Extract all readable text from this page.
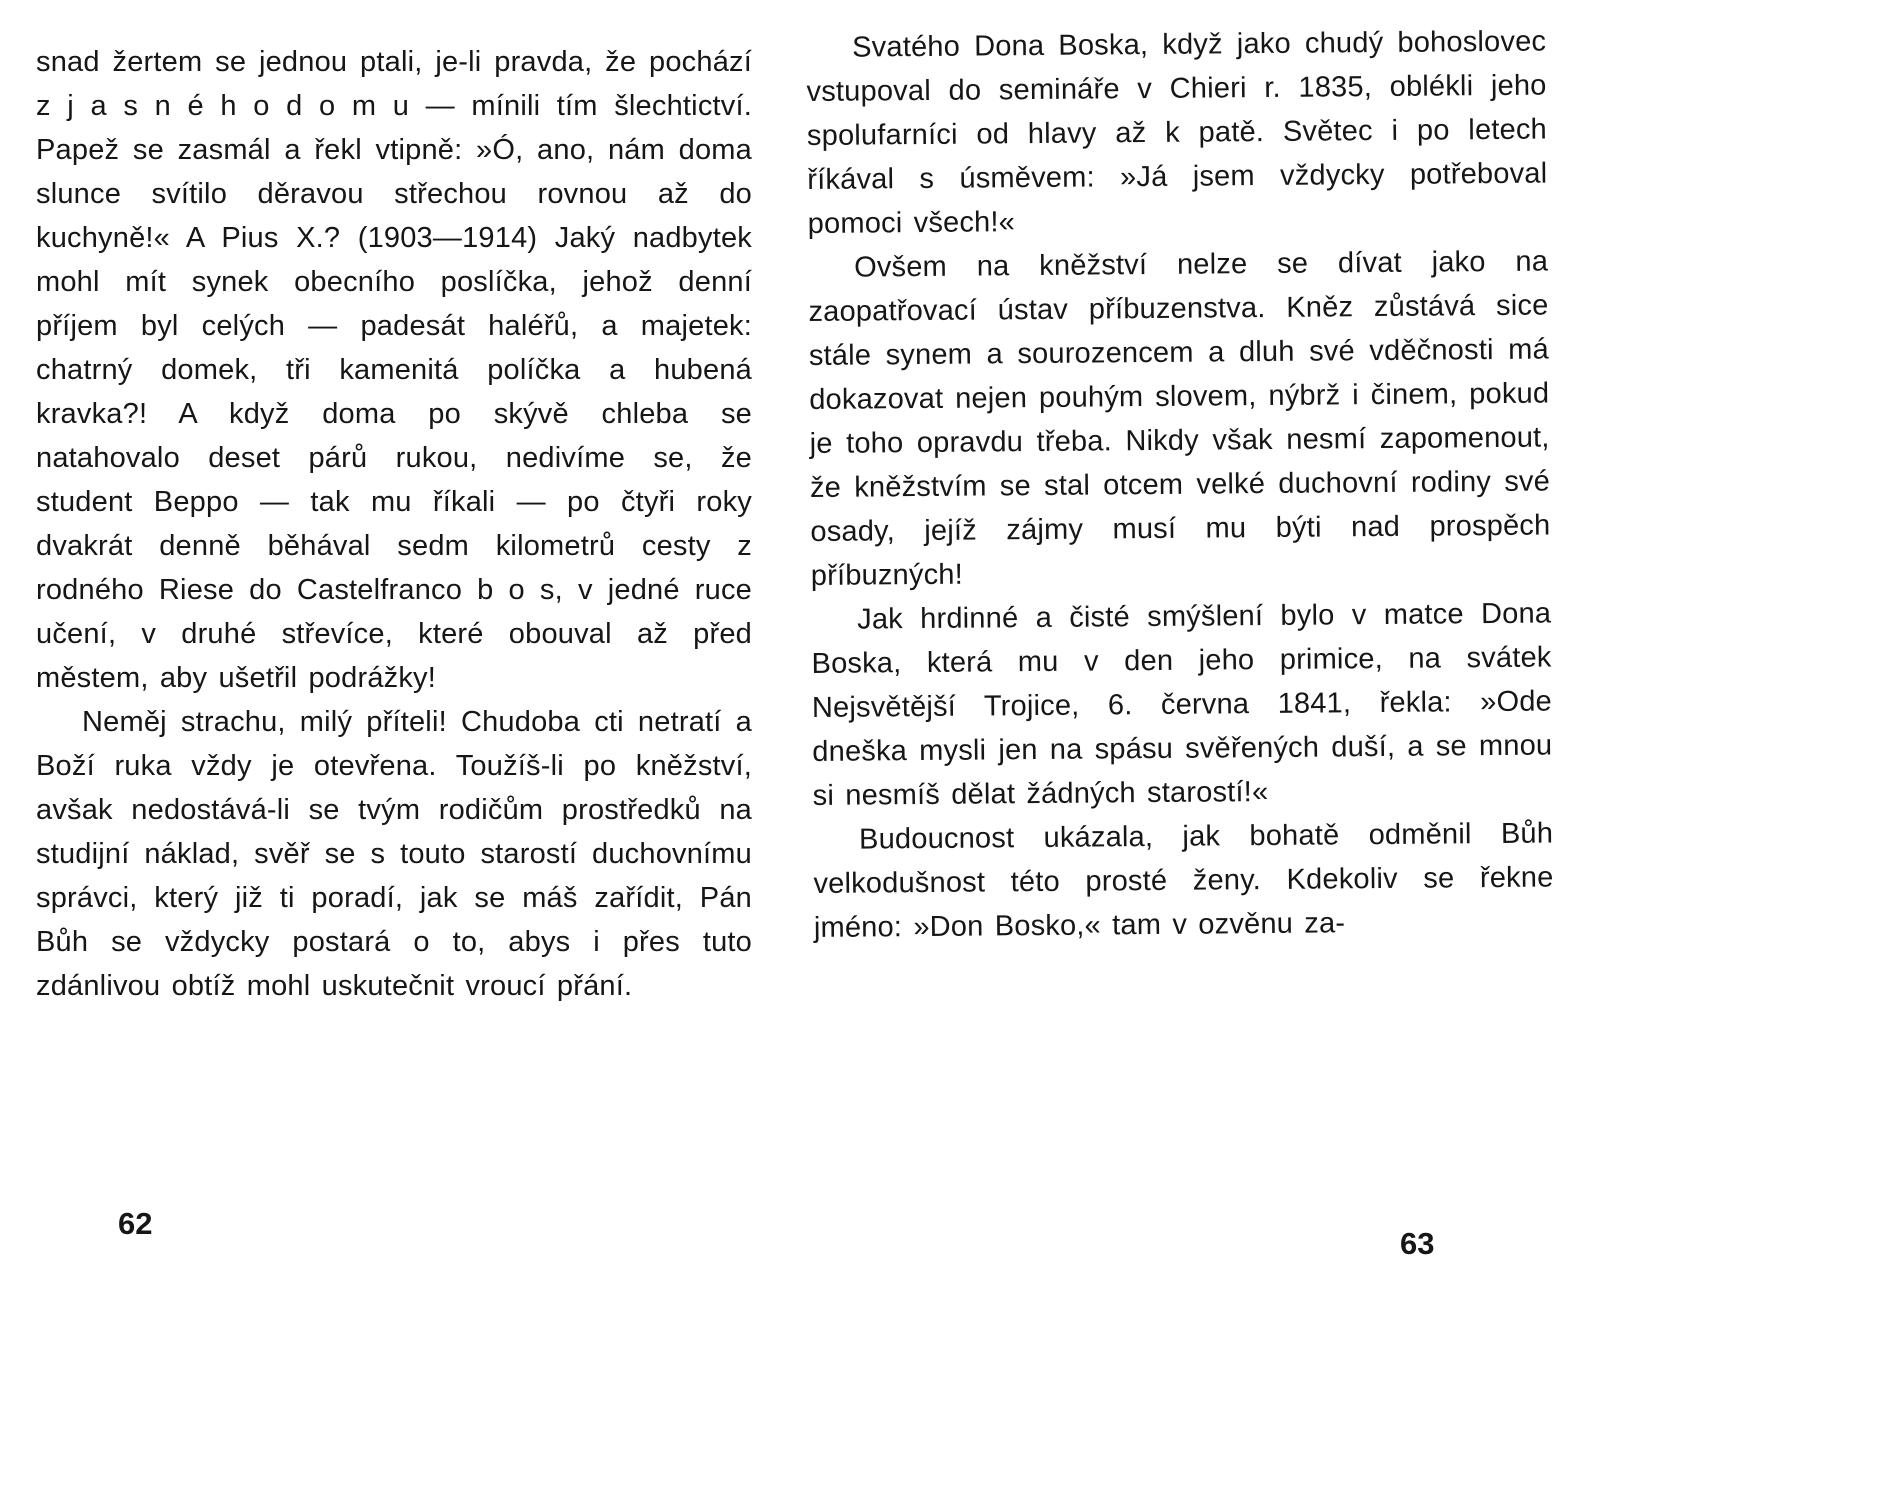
snad žertem se jednou ptali, je-li pravda, že pochází z j a s n é h o d o m u — mínili tím šlechtictví. Papež se zasmál a řekl vtipně: »Ó, ano, nám doma slunce svítilo děravou střechou rovnou až do kuchyně!« A Pius X.? (1903—1914) Jaký nadbytek mohl mít synek obecního poslíčka, jehož denní příjem byl celých — padesát haléřů, a majetek: chatrný domek, tři kamenitá políčka a hubená kravka?! A když doma po skývě chleba se natahovalo deset párů rukou, nedivíme se, že student Beppo — tak mu říkali — po čtyři roky dvakrát denně běhával sedm kilometrů cesty z rodného Riese do Castelfranco b o s, v jedné ruce učení, v druhé střevíce, které obouval až před městem, aby ušetřil podrážky!

Neměj strachu, milý příteli! Chudoba cti netratí a Boží ruka vždy je otevřena. Toužíš-li po kněžství, avšak nedostává-li se tvým rodičům prostředků na studijní náklad, svěř se s touto starostí duchovnímu správci, který již ti poradí, jak se máš zařídit, Pán Bůh se vždycky postará o to, abys i přes tuto zdánlivou obtíž mohl uskutečnit vroucí přání.

Svatého Dona Boska, když jako chudý bohoslovec vstupoval do semináře v Chieri r. 1835, oblékli jeho spolufarníci od hlavy až k patě. Světec i po letech říkával s úsměvem: »Já jsem vždycky potřeboval pomoci všech!«

Ovšem na kněžství nelze se dívat jako na zaopatřovací ústav příbuzenstva. Kněz zůstává sice stále synem a sourozencem a dluh své vděčnosti má dokazovat nejen pouhým slovem, nýbrž i činem, pokud je toho opravdu třeba. Nikdy však nesmí zapomenout, že kněžstvím se stal otcem velké duchovní rodiny své osady, jejíž zájmy musí mu býti nad prospěch příbuzných!

Jak hrdinné a čisté smýšlení bylo v matce Dona Boska, která mu v den jeho primice, na svátek Nejsvětější Trojice, 6. června 1841, řekla: »Ode dneška mysli jen na spásu svěřených duší, a se mnou si nesmíš dělat žádných starostí!«

Budoucnost ukázala, jak bohatě odměnil Bůh velkodušnost této prosté ženy. Kdekoliv se řekne jméno: »Don Bosko,« tam v ozvěnu za-

62
63
